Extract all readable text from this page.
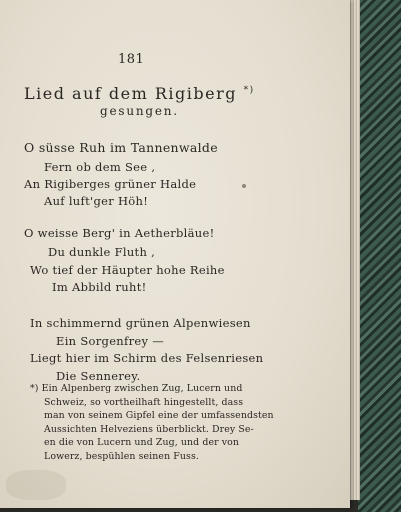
181
Lied auf dem Rigiberg *)
gesungen.
O süsse Ruh im Tannenwalde
Fern ob dem See ,
An Rigiberges grüner Halde
Auf luft'ger Höh!
O weisse Berg' in Aetherbläue!
Du dunkle Fluth ,
Wo tief der Häupter hohe Reihe
Im Abbild ruht!
In schimmernd grünen Alpenwiesen
Ein Sorgenfrey —
Liegt hier im Schirm des Felsenriesen
Die Sennerey.
*) Ein Alpenberg zwischen Zug, Lucern und
Schweiz, so vortheilhaft hingestellt, dass
man von seinem Gipfel eine der umfassendsten
Aussichten Helveziens überblickt. Drey Se-
en die von Lucern und Zug, und der von
Lowerz, bespühlen seinen Fuss.
